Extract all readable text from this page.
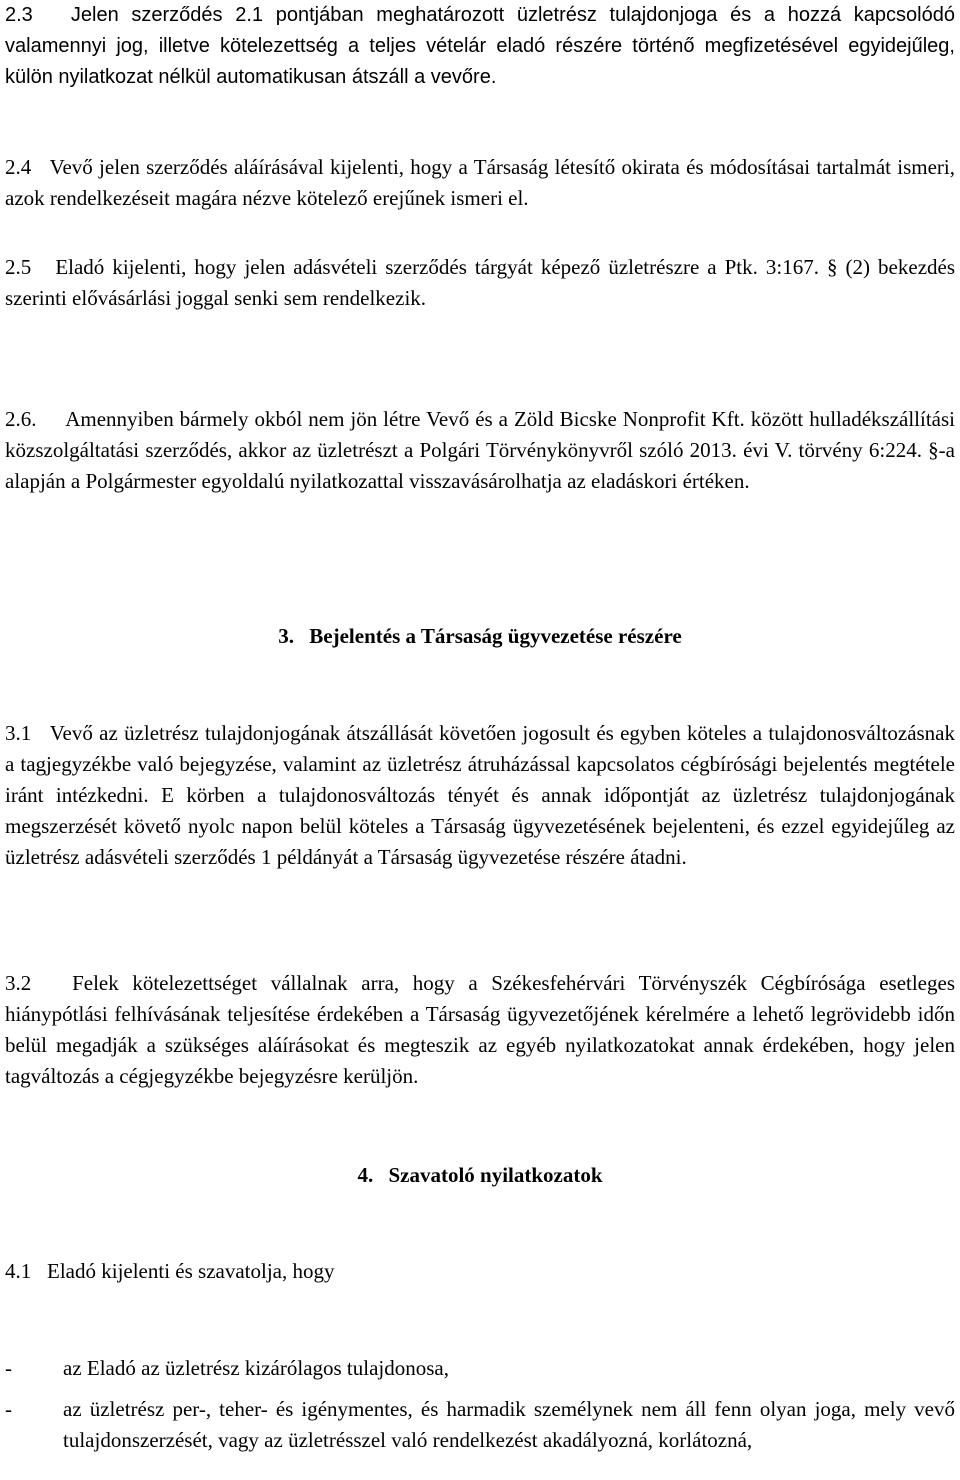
2.3 Jelen szerződés 2.1 pontjában meghatározott üzletrész tulajdonjoga és a hozzá kapcsolódó valamennyi jog, illetve kötelezettség a teljes vételár eladó részére történő megfizetésével egyidejűleg, külön nyilatkozat nélkül automatikusan átszáll a vevőre.

2.4 Vevő jelen szerződés aláírásával kijelenti, hogy a Társaság létesítő okirata és módosításai tartalmát ismeri, azok rendelkezéseit magára nézve kötelező erejűnek ismeri el.

2.5 Eladó kijelenti, hogy jelen adásvételi szerződés tárgyát képező üzletrészre a Ptk. 3:167. § (2) bekezdés szerinti elővásárlási joggal senki sem rendelkezik.

2.6. Amennyiben bármely okból nem jön létre Vevő és a Zöld Bicske Nonprofit Kft. között hulladékszállítási közszolgáltatási szerződés, akkor az üzletrészt a Polgári Törvénykönyvről szóló 2013. évi V. törvény 6:224. §-a alapján a Polgármester egyoldalú nyilatkozattal visszavásárolhatja az eladáskori értéken.

3. Bejelentés a Társaság ügyvezetése részére

3.1 Vevő az üzletrész tulajdonjogának átszállását követően jogosult és egyben köteles a tulajdonosváltozásnak a tagjegyzékbe való bejegyzése, valamint az üzletrész átruházással kapcsolatos cégbírósági bejelentés megtétele iránt intézkedni. E körben a tulajdonosváltozás tényét és annak időpontját az üzletrész tulajdonjogának megszerzését követő nyolc napon belül köteles a Társaság ügyvezetésének bejelenteni, és ezzel egyidejűleg az üzletrész adásvételi szerződés 1 példányát a Társaság ügyvezetése részére átadni.

3.2 Felek kötelezettséget vállalnak arra, hogy a Székesfehérvári Törvényszék Cégbírósága esetleges hiánypótlási felhívásának teljesítése érdekében a Társaság ügyvezetőjének kérelmére a lehető legrövidebb időn belül megadják a szükséges aláírásokat és megteszik az egyéb nyilatkozatokat annak érdekében, hogy jelen tagváltozás a cégjegyzékbe bejegyzésre kerüljön.

4. Szavatoló nyilatkozatok

4.1 Eladó kijelenti és szavatolja, hogy

-	az Eladó az üzletrész kizárólagos tulajdonosa,
-	az üzletrész per-, teher- és igénymentes, és harmadik személynek nem áll fenn olyan joga, mely vevő tulajdonszerzését, vagy az üzletrésszel való rendelkezést akadályozná, korlátozná,
